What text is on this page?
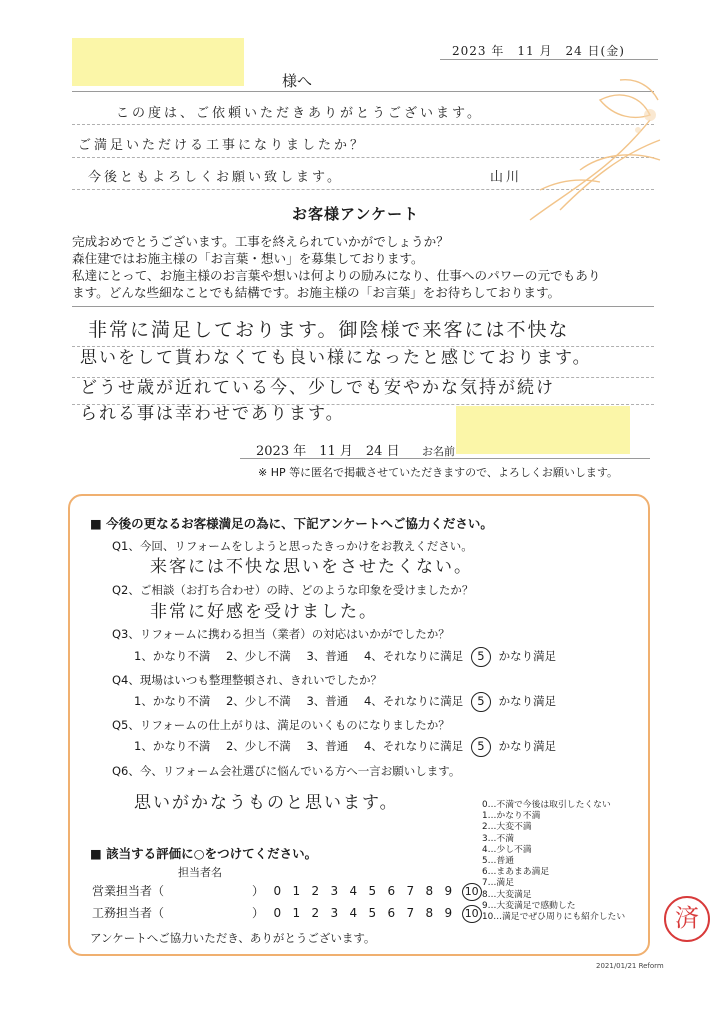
2023 年　11 月　24 日(金)
様へ
この度は、ご依頼いただきありがとうございます。
ご満足いただける工事になりましたか？
今後ともよろしくお願い致します。	山川
お客様アンケート
完成おめでとうございます。工事を終えられていかがでしょうか？
森住建ではお施主様の「お言葉・想い」を募集しております。
私達にとって、お施主様のお言葉や想いは何よりの励みになり、仕事へのパワーの元でもあり
ます。どんな些細なことでも結構です。お施主様の「お言葉」をお待ちしております。
非常に満足しております。御陰様で来客には不快な
思いをして貰わなくても良い様になったと感じております。
どうせ歳が近れている今、少しでも安やかな気持が続け
られる事は幸わせであります。
2023 年　11 月　24 日 お名前
※ HP 等に匿名で掲載させていただきますので、よろしくお願いします。
■ 今後の更なるお客様満足の為に、下記アンケートへご協力ください。
Q1、今回、リフォームをしようと思ったきっかけをお教えください。
来客には不快な思いをさせたくない。
Q2、ご相談（お打ち合わせ）の時、どのような印象を受けましたか？
非常に好感を受けました。
Q3、リフォームに携わる担当（業者）の対応はいかがでしたか？
1、かなり不満 2、少し不満 3、普通 4、それなりに満足 5 かなり満足
Q4、現場はいつも整理整頓され、きれいでしたか？
1、かなり不満 2、少し不満 3、普通 4、それなりに満足 5 かなり満足
Q5、リフォームの仕上がりは、満足のいくものになりましたか？
1、かなり不満 2、少し不満 3、普通 4、それなりに満足 5 かなり満足
Q6、今、リフォーム会社選びに悩んでいる方へ一言お願いします。
思いがかなうものと思います。	0…不満で今後は取引したくない
1…かなり不満
2…大変不満
3…不満
4…少し不満
5…普通
6…まあまあ満足
7…満足
8…大変満足
9…大変満足で感動した
10…満足でぜひ周りにも紹介したい
■ 該当する評価に○をつけてください。
担当者名
営業担当者（	） 0 1 2 3 4 5 6 7 8 9 10
工務担当者（	） 0 1 2 3 4 5 6 7 8 9 10
アンケートへご協力いただき、ありがとうございます。
済
2021/01/21 Reform
